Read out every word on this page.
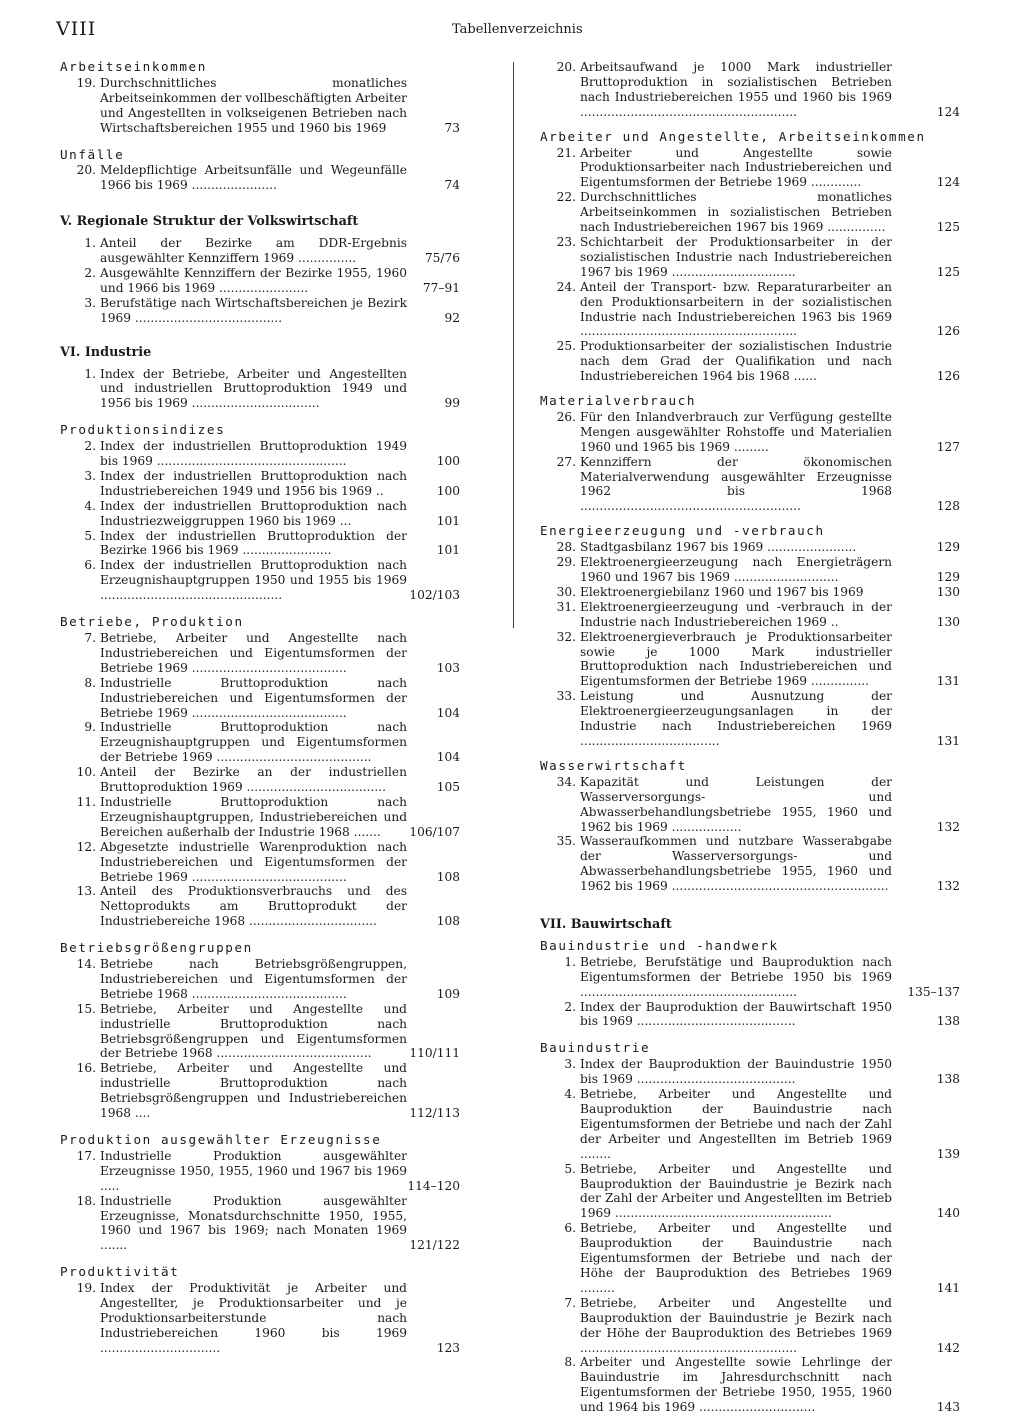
VIII	Tabellenverzeichnis
Arbeitseinkommen
19. Durchschnittliches monatliches Arbeitseinkommen der vollbeschäftigten Arbeiter und Angestellten in volkseigenen Betrieben nach Wirtschaftsbereichen 1955 und 1960 bis 1969	73
Unfälle
20. Meldepflichtige Arbeitsunfälle und Wegeunfälle 1966 bis 1969 ......................	74
V. Regionale Struktur der Volkswirtschaft
1. Anteil der Bezirke am DDR-Ergebnis ausgewählter Kennziffern 1969 ...............	75/76
2. Ausgewählte Kennziffern der Bezirke 1955, 1960 und 1966 bis 1969 .......................	77–91
3. Berufstätige nach Wirtschaftsbereichen je Bezirk 1969 ......................................	92
VI. Industrie
1. Index der Betriebe, Arbeiter und Angestellten und industriellen Bruttoproduktion 1949 und 1956 bis 1969 .................................	99
Produktionsindizes
2. Index der industriellen Bruttoproduktion 1949 bis 1969 .................................................	100
3. Index der industriellen Bruttoproduktion nach Industriebereichen 1949 und 1956 bis 1969 ..	100
4. Index der industriellen Bruttoproduktion nach Industriezweiggruppen 1960 bis 1969 ...	101
5. Index der industriellen Bruttoproduktion der Bezirke 1966 bis 1969 .......................	101
6. Index der industriellen Bruttoproduktion nach Erzeugnishauptgruppen 1950 und 1955 bis 1969 ...............................................	102/103
Betriebe, Produktion
7. Betriebe, Arbeiter und Angestellte nach Industriebereichen und Eigentumsformen der Betriebe 1969 ........................................	103
8. Industrielle Bruttoproduktion nach Industriebereichen und Eigentumsformen der Betriebe 1969 ........................................	104
9. Industrielle Bruttoproduktion nach Erzeugnishauptgruppen und Eigentumsformen der Betriebe 1969 ........................................	104
10. Anteil der Bezirke an der industriellen Bruttoproduktion 1969 ....................................	105
11. Industrielle Bruttoproduktion nach Erzeugnishauptgruppen, Industriebereichen und Bereichen außerhalb der Industrie 1968 .......	106/107
12. Abgesetzte industrielle Warenproduktion nach Industriebereichen und Eigentumsformen der Betriebe 1969 ........................................	108
13. Anteil des Produktionsverbrauchs und des Nettoprodukts am Bruttoprodukt der Industriebereiche 1968 .................................	108
Betriebsgrößengruppen
14. Betriebe nach Betriebsgrößengruppen, Industriebereichen und Eigentumsformen der Betriebe 1968 ........................................	109
15. Betriebe, Arbeiter und Angestellte und industrielle Bruttoproduktion nach Betriebsgrößengruppen und Eigentumsformen der Betriebe 1968 ........................................	110/111
16. Betriebe, Arbeiter und Angestellte und industrielle Bruttoproduktion nach Betriebsgrößengruppen und Industriebereichen 1968 ....	112/113
Produktion ausgewählter Erzeugnisse
17. Industrielle Produktion ausgewählter Erzeugnisse 1950, 1955, 1960 und 1967 bis 1969 .....	114–120
18. Industrielle Produktion ausgewählter Erzeugnisse, Monatsdurchschnitte 1950, 1955, 1960 und 1967 bis 1969; nach Monaten 1969 .......	121/122
Produktivität
19. Index der Produktivität je Arbeiter und Angestellter, je Produktionsarbeiter und je Produktionsarbeiterstunde nach Industriebereichen 1960 bis 1969 ...............................	123
20. Arbeitsaufwand je 1000 Mark industrieller Bruttoproduktion in sozialistischen Betrieben nach Industriebereichen 1955 und 1960 bis 1969 ........................................................	124
Arbeiter und Angestellte, Arbeitseinkommen
21. Arbeiter und Angestellte sowie Produktionsarbeiter nach Industriebereichen und Eigentumsformen der Betriebe 1969 .............	124
22. Durchschnittliches monatliches Arbeitseinkommen in sozialistischen Betrieben nach Industriebereichen 1967 bis 1969 ...............	125
23. Schichtarbeit der Produktionsarbeiter in der sozialistischen Industrie nach Industriebereichen 1967 bis 1969 ................................	125
24. Anteil der Transport- bzw. Reparaturarbeiter an den Produktionsarbeitern in der sozialistischen Industrie nach Industriebereichen 1963 bis 1969 ........................................................	126
25. Produktionsarbeiter der sozialistischen Industrie nach dem Grad der Qualifikation und nach Industriebereichen 1964 bis 1968 ......	126
Materialverbrauch
26. Für den Inlandverbrauch zur Verfügung gestellte Mengen ausgewählter Rohstoffe und Materialien 1960 und 1965 bis 1969 .........	127
27. Kennziffern der ökonomischen Materialverwendung ausgewählter Erzeugnisse 1962 bis 1968 .........................................................	128
Energieerzeugung und -verbrauch
28. Stadtgasbilanz 1967 bis 1969 .......................	129
29. Elektroenergieerzeugung nach Energieträgern 1960 und 1967 bis 1969 ...........................	129
30. Elektroenergiebilanz 1960 und 1967 bis 1969	130
31. Elektroenergieerzeugung und -verbrauch in der Industrie nach Industriebereichen 1969 ..	130
32. Elektroenergieverbrauch je Produktionsarbeiter sowie je 1000 Mark industrieller Bruttoproduktion nach Industriebereichen und Eigentumsformen der Betriebe 1969 ...............	131
33. Leistung und Ausnutzung der Elektroenergieerzeugungsanlagen in der Industrie nach Industriebereichen 1969 ....................................	131
Wasserwirtschaft
34. Kapazität und Leistungen der Wasserversorgungs- und Abwasserbehandlungsbetriebe 1955, 1960 und 1962 bis 1969 ..................	132
35. Wasseraufkommen und nutzbare Wasserabgabe der Wasserversorgungs- und Abwasserbehandlungsbetriebe 1955, 1960 und 1962 bis 1969 ........................................................	132
VII. Bauwirtschaft
Bauindustrie und -handwerk
1. Betriebe, Berufstätige und Bauproduktion nach Eigentumsformen der Betriebe 1950 bis 1969 ........................................................	135–137
2. Index der Bauproduktion der Bauwirtschaft 1950 bis 1969 .........................................	138
Bauindustrie
3. Index der Bauproduktion der Bauindustrie 1950 bis 1969 .........................................	138
4. Betriebe, Arbeiter und Angestellte und Bauproduktion der Bauindustrie nach Eigentumsformen der Betriebe und nach der Zahl der Arbeiter und Angestellten im Betrieb 1969 ........	139
5. Betriebe, Arbeiter und Angestellte und Bauproduktion der Bauindustrie je Bezirk nach der Zahl der Arbeiter und Angestellten im Betrieb 1969 ........................................................	140
6. Betriebe, Arbeiter und Angestellte und Bauproduktion der Bauindustrie nach Eigentumsformen der Betriebe und nach der Höhe der Bauproduktion des Betriebes 1969 .........	141
7. Betriebe, Arbeiter und Angestellte und Bauproduktion der Bauindustrie je Bezirk nach der Höhe der Bauproduktion des Betriebes 1969 ........................................................	142
8. Arbeiter und Angestellte sowie Lehrlinge der Bauindustrie im Jahresdurchschnitt nach Eigentumsformen der Betriebe 1950, 1955, 1960 und 1964 bis 1969 ..............................	143
